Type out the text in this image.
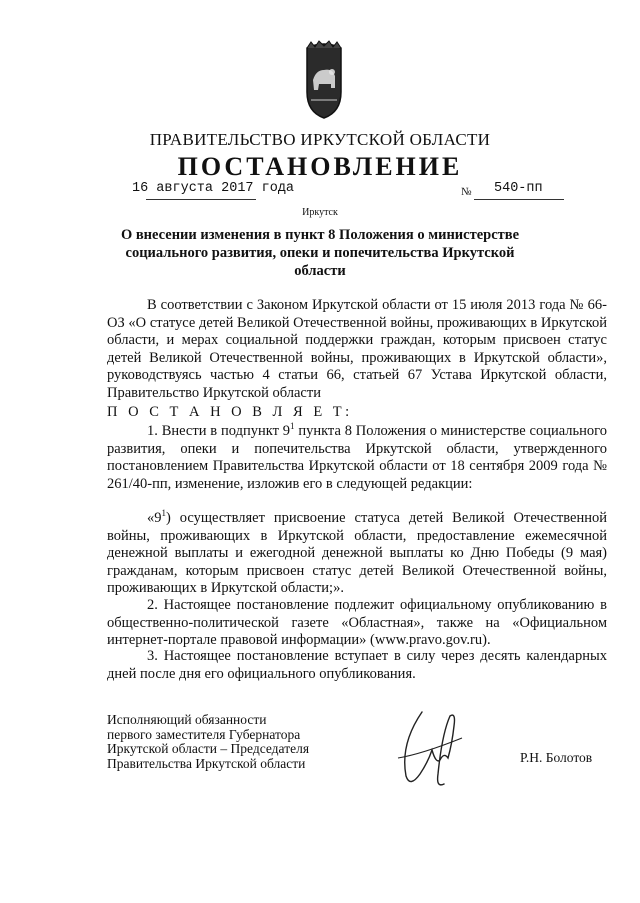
ПРАВИТЕЛЬСТВО ИРКУТСКОЙ ОБЛАСТИ
ПОСТАНОВЛЕНИЕ
16 августа 2017 года	№ 540-пп
Иркутск
О внесении изменения в пункт 8 Положения о министерстве социального развития, опеки и попечительства Иркутской области
В соответствии с Законом Иркутской области от 15 июля 2013 года № 66-ОЗ «О статусе детей Великой Отечественной войны, проживающих в Иркутской области, и мерах социальной поддержки граждан, которым присвоен статус детей Великой Отечественной войны, проживающих в Иркутской области», руководствуясь частью 4 статьи 66, статьей 67 Устава Иркутской области, Правительство Иркутской области
П О С Т А Н О В Л Я Е Т:
1. Внести в подпункт $9^1$ пункта 8 Положения о министерстве социального развития, опеки и попечительства Иркутской области, утвержденного постановлением Правительства Иркутской области от 18 сентября 2009 года № 261/40-пп, изменение, изложив его в следующей редакции:
«$9^1$) осуществляет присвоение статуса детей Великой Отечественной войны, проживающих в Иркутской области, предоставление ежемесячной денежной выплаты и ежегодной денежной выплаты ко Дню Победы (9 мая) гражданам, которым присвоен статус детей Великой Отечественной войны, проживающих в Иркутской области;».
2. Настоящее постановление подлежит официальному опубликованию в общественно-политической газете «Областная», также на «Официальном интернет-портале правовой информации» (www.pravo.gov.ru).
3. Настоящее постановление вступает в силу через десять календарных дней после дня его официального опубликования.
Исполняющий обязанности
первого заместителя Губернатора
Иркутской области – Председателя
Правительства Иркутской области	Р.Н. Болотов
